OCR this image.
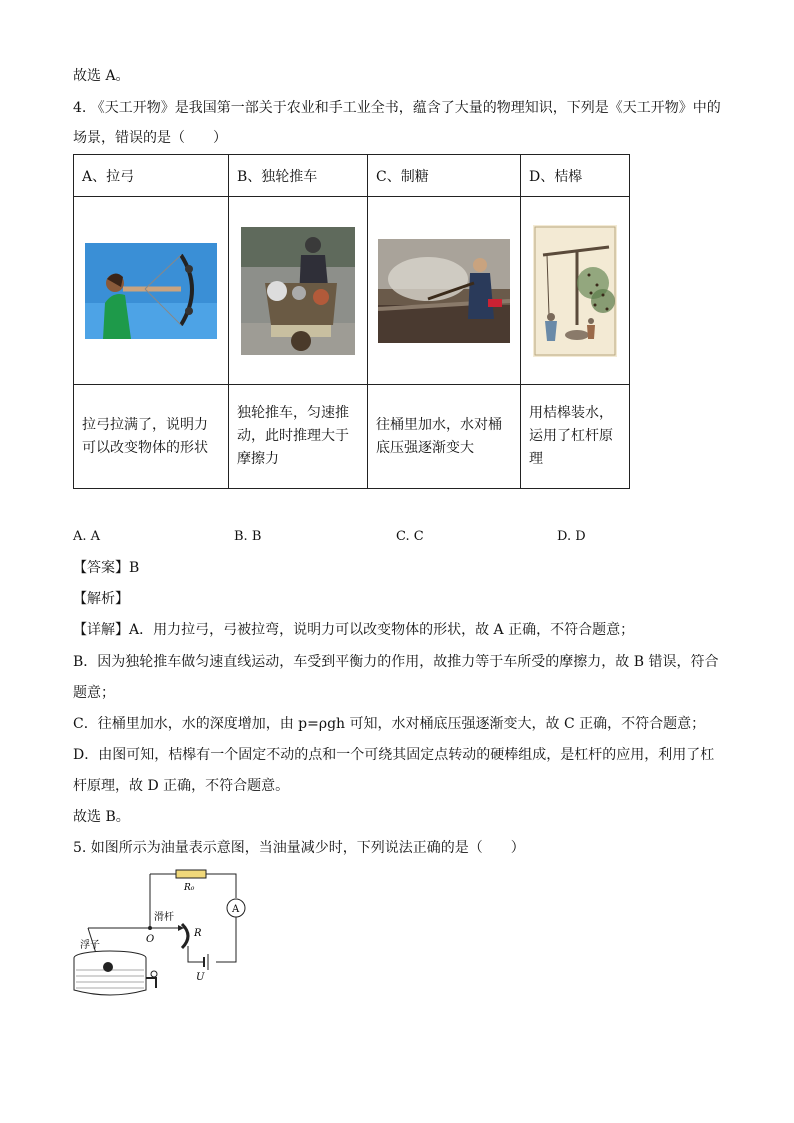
故选 A。
4. 《天工开物》是我国第一部关于农业和手工业全书，蕴含了大量的物理知识，下列是《天工开物》中的
场景，错误的是（　　）
A、拉弓	B、独轮推车	C、制糖	D、桔槔

拉弓拉满了，说明力可以改变物体的形状	独轮推车，匀速推动，此时推理大于摩擦力	往桶里加水，水对桶底压强逐渐变大	用桔槔装水，运用了杠杆原理
A. A	B. B	C. C	D. D
【答案】B
【解析】
【详解】A．用力拉弓，弓被拉弯，说明力可以改变物体的形状，故 A 正确，不符合题意；
B．因为独轮推车做匀速直线运动，车受到平衡力的作用，故推力等于车所受的摩擦力，故 B 错误，符合
题意；
C．往桶里加水，水的深度增加，由 p=ρgh 可知，水对桶底压强逐渐变大，故 C 正确，不符合题意；
D．由图可知，桔槔有一个固定不动的点和一个可绕其固定点转动的硬棒组成，是杠杆的应用，利用了杠
杆原理，故 D 正确，不符合题意。
故选 B。
5. 如图所示为油量表示意图，当油量减少时，下列说法正确的是（　　）
R₀
A
滑杆
O
R
浮子
U
